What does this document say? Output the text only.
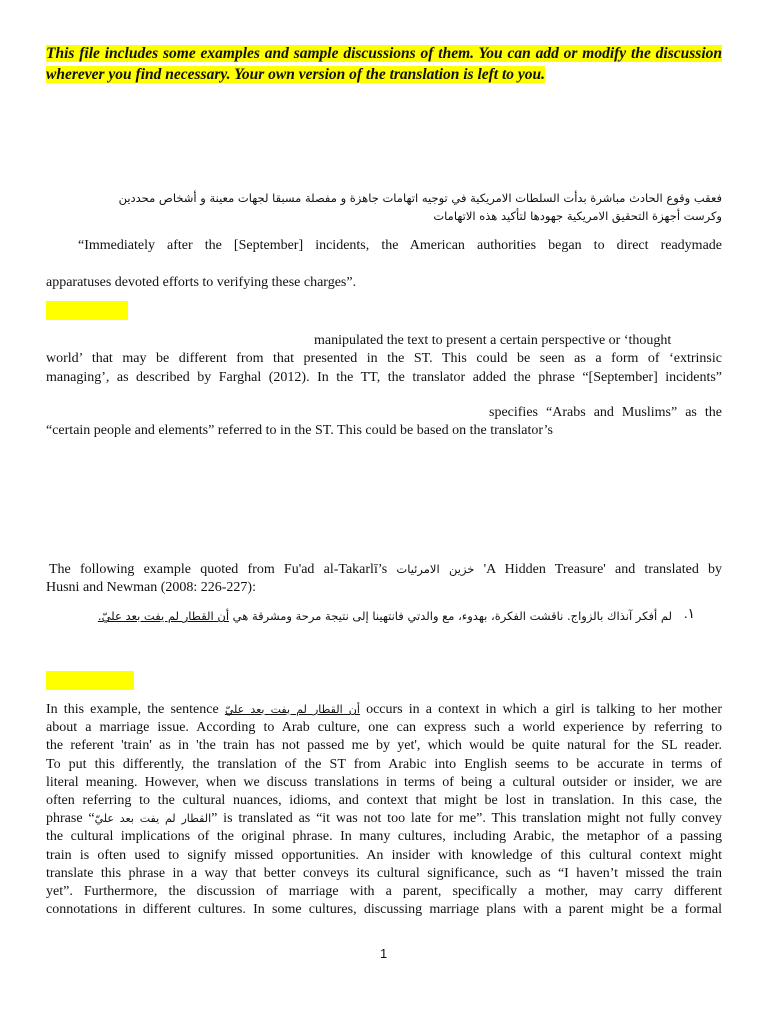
This file includes some examples and sample discussions of them. You can add or modify the discussion wherever you find necessary. Your own version of the translation is left to you.
فعقب وقوع الحادث مباشرة بدأت السلطات الامريكية في توجيه اتهامات جاهزة و مفصلة مسبقا لجهات معينة و أشخاص محددين
وكرست أجهزة التحقيق الامريكية جهودها لتأكيد هذه الاتهامات
“Immediately after the [September] incidents, the American authorities began to direct readymade
apparatuses devoted efforts to verifying these charges”.
manipulated the text to present a certain perspective or ‘thought
world’ that may be different from that presented in the ST. This could be seen as a form of ‘extrinsic
managing’, as described by Farghal (2012). In the TT, the translator added the phrase “[September] incidents”
specifies “Arabs and Muslims” as the
“certain people and elements” referred to in the ST. This could be based on the translator’s
The following example quoted from Fu'ad al-Takarlī’s خزين الامرئيات 'A Hidden Treasure' and translated by
Husni and Newman (2008: 226-227):
لم أفكر آنذاك بالزواج. ناقشت الفكرة، بهدوء، مع والدتي فانتهينا إلى نتيجة مرحة ومشرقة هي أن القطار لم يفت بعد عليّ.	.١
In this example, the sentence أن القطار لم يفت بعد عليّ occurs in a context in which a girl is talking to her mother
about a marriage issue. According to Arab culture, one can express such a world experience by referring to
the referent 'train' as in 'the train has not passed me by yet', which would be quite natural for the SL reader.
To put this differently, the translation of the ST from Arabic into English seems to be accurate in terms of
literal meaning. However, when we discuss translations in terms of being a cultural outsider or insider, we are
often referring to the cultural nuances, idioms, and context that might be lost in translation. In this case, the
phrase “القطار لم يفت بعد عليّ” is translated as “it was not too late for me”. This translation might not fully convey
the cultural implications of the original phrase. In many cultures, including Arabic, the metaphor of a passing
train is often used to signify missed opportunities. An insider with knowledge of this cultural context might
translate this phrase in a way that better conveys its cultural significance, such as “I haven’t missed the train
yet”. Furthermore, the discussion of marriage with a parent, specifically a mother, may carry different
connotations in different cultures. In some cultures, discussing marriage plans with a parent might be a formal
1
